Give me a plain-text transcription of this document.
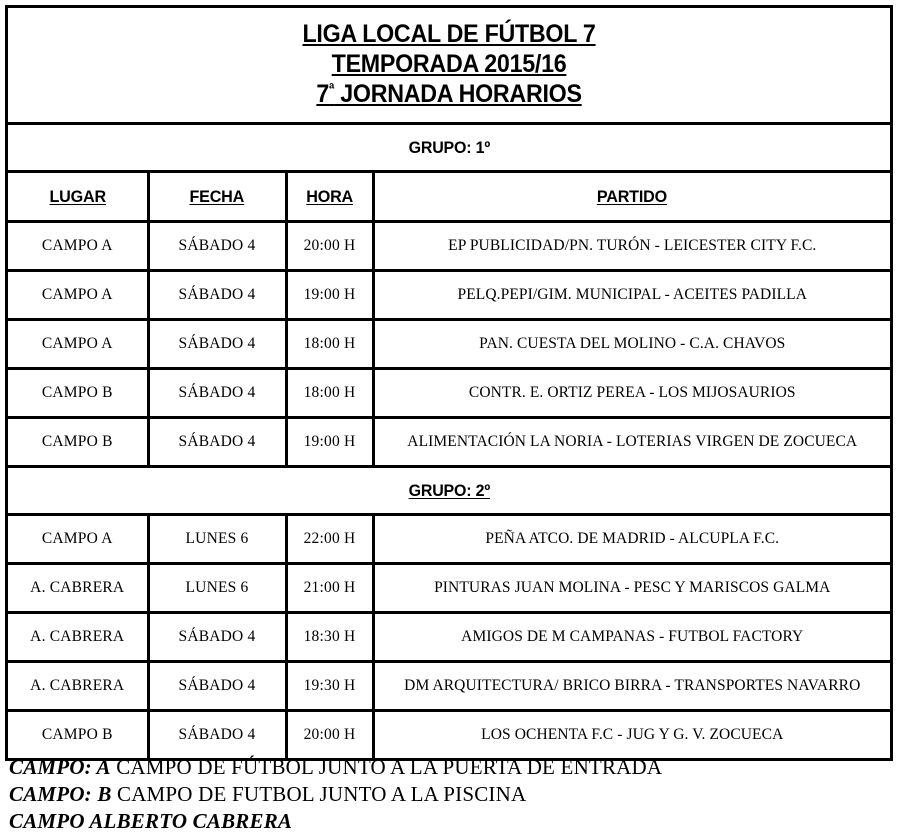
LIGA LOCAL DE FÚTBOL 7
TEMPORADA 2015/16
$7^ª$ JORNADA HORARIOS			

GRUPO: 1º			
LUGAR	FECHA	HORA	PARTIDO
CAMPO A	SÁBADO 4	20:00 H	EP PUBLICIDAD/PN. TURÓN - LEICESTER CITY F.C.
CAMPO A	SÁBADO 4	19:00 H	PELQ.PEPI/GIM. MUNICIPAL - ACEITES PADILLA
CAMPO A	SÁBADO 4	18:00 H	PAN. CUESTA DEL MOLINO - C.A. CHAVOS
CAMPO B	SÁBADO 4	18:00 H	CONTR. E. ORTIZ PEREA - LOS MIJOSAURIOS
CAMPO B	SÁBADO 4	19:00 H	ALIMENTACIÓN LA NORIA - LOTERIAS VIRGEN DE ZOCUECA
GRUPO: 2º			
CAMPO A	LUNES 6	22:00 H	PEÑA ATCO. DE MADRID - ALCUPLA F.C.
A. CABRERA	LUNES 6	21:00 H	PINTURAS JUAN MOLINA - PESC Y MARISCOS GALMA
A. CABRERA	SÁBADO 4	18:30 H	AMIGOS DE M CAMPANAS - FUTBOL FACTORY
A. CABRERA	SÁBADO 4	19:30 H	DM ARQUITECTURA/ BRICO BIRRA - TRANSPORTES NAVARRO
CAMPO B	SÁBADO 4	20:00 H	LOS OCHENTA F.C - JUG Y G. V. ZOCUECA
CAMPO: A CAMPO DE FÚTBOL JUNTO A LA PUERTA DE ENTRADA
CAMPO: B CAMPO DE FUTBOL JUNTO A LA PISCINA
CAMPO ALBERTO CABRERA
